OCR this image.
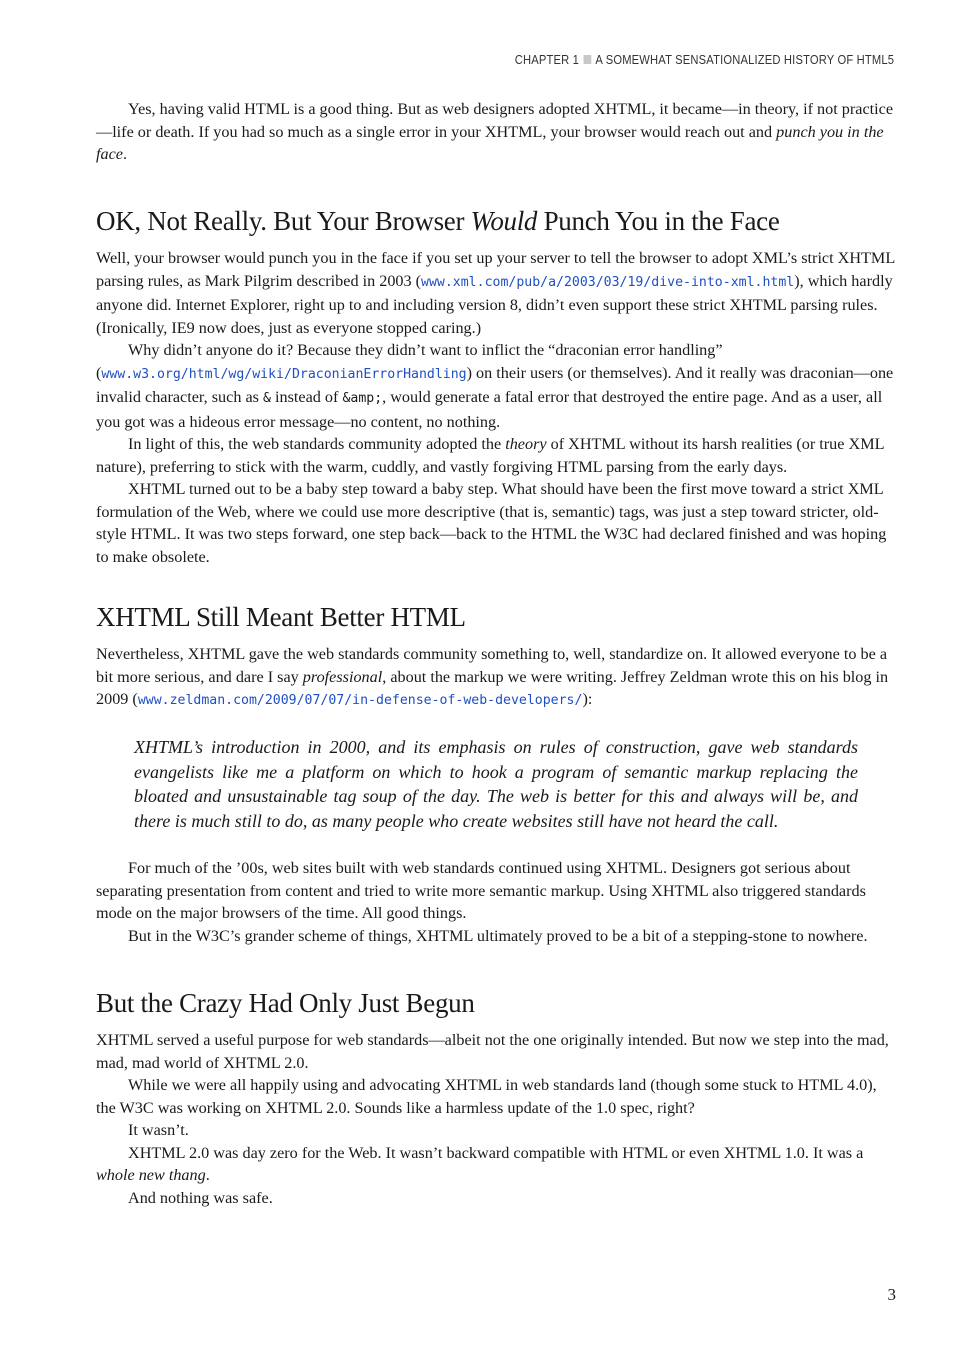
CHAPTER 1 A SOMEWHAT SENSATIONALIZED HISTORY OF HTML5

Yes, having valid HTML is a good thing. But as web designers adopted XHTML, it became—in theory, if not practice—life or death. If you had so much as a single error in your XHTML, your browser would reach out and punch you in the face.

OK, Not Really. But Your Browser Would Punch You in the Face

Well, your browser would punch you in the face if you set up your server to tell the browser to adopt XML’s strict XHTML parsing rules, as Mark Pilgrim described in 2003 (www.xml.com/pub/a/2003/03/19/dive-into-xml.html), which hardly anyone did. Internet Explorer, right up to and including version 8, didn’t even support these strict XHTML parsing rules. (Ironically, IE9 now does, just as everyone stopped caring.)

Why didn’t anyone do it? Because they didn’t want to inflict the “draconian error handling” (www.w3.org/html/wg/wiki/DraconianErrorHandling) on their users (or themselves). And it really was draconian—one invalid character, such as & instead of &amp;, would generate a fatal error that destroyed the entire page. And as a user, all you got was a hideous error message—no content, no nothing.

In light of this, the web standards community adopted the theory of XHTML without its harsh realities (or true XML nature), preferring to stick with the warm, cuddly, and vastly forgiving HTML parsing from the early days.

XHTML turned out to be a baby step toward a baby step. What should have been the first move toward a strict XML formulation of the Web, where we could use more descriptive (that is, semantic) tags, was just a step toward stricter, old-style HTML. It was two steps forward, one step back—back to the HTML the W3C had declared finished and was hoping to make obsolete.

XHTML Still Meant Better HTML

Nevertheless, XHTML gave the web standards community something to, well, standardize on. It allowed everyone to be a bit more serious, and dare I say professional, about the markup we were writing. Jeffrey Zeldman wrote this on his blog in 2009 (www.zeldman.com/2009/07/07/in-defense-of-web-developers/):

XHTML’s introduction in 2000, and its emphasis on rules of construction, gave web standards evangelists like me a platform on which to hook a program of semantic markup replacing the bloated and unsustainable tag soup of the day. The web is better for this and always will be, and there is much still to do, as many people who create websites still have not heard the call.

For much of the ’00s, web sites built with web standards continued using XHTML. Designers got serious about separating presentation from content and tried to write more semantic markup. Using XHTML also triggered standards mode on the major browsers of the time. All good things.

But in the W3C’s grander scheme of things, XHTML ultimately proved to be a bit of a stepping-stone to nowhere.

But the Crazy Had Only Just Begun

XHTML served a useful purpose for web standards—albeit not the one originally intended. But now we step into the mad, mad, mad world of XHTML 2.0.

While we were all happily using and advocating XHTML in web standards land (though some stuck to HTML 4.0), the W3C was working on XHTML 2.0. Sounds like a harmless update of the 1.0 spec, right?

It wasn’t.

XHTML 2.0 was day zero for the Web. It wasn’t backward compatible with HTML or even XHTML 1.0. It was a whole new thang.

And nothing was safe.

3
